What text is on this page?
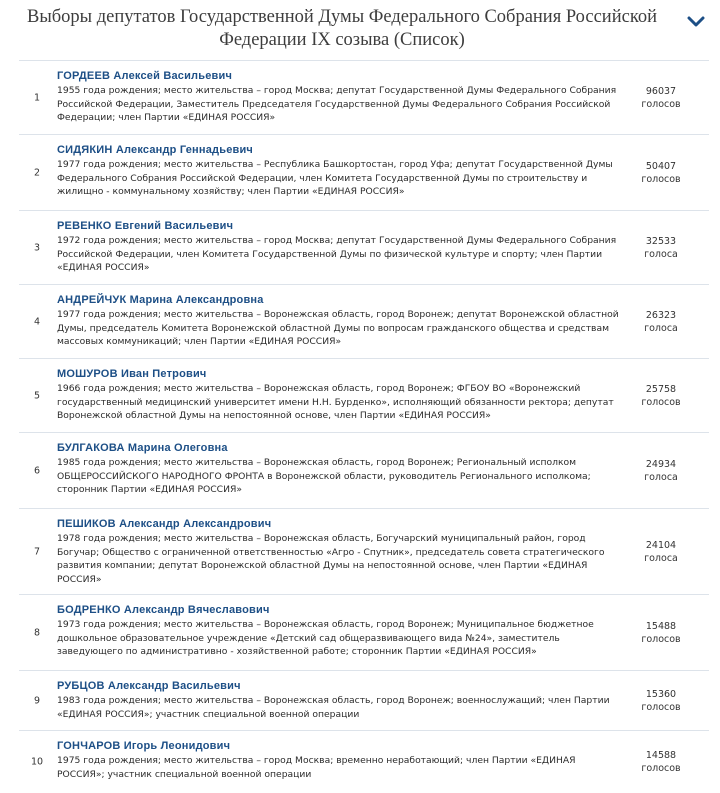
Выборы депутатов Государственной Думы Федерального Собрания Российской Федерации IX созыва (Список)
1
ГОРДЕЕВ Алексей Васильевич
1955 года рождения; место жительства – город Москва; депутат Государственной Думы Федерального Собрания Российской Федерации, Заместитель Председателя Государственной Думы Федерального Собрания Российской Федерации; член Партии «ЕДИНАЯ РОССИЯ»
96037
голосов
2
СИДЯКИН Александр Геннадьевич
1977 года рождения; место жительства – Республика Башкортостан, город Уфа; депутат Государственной Думы Федерального Собрания Российской Федерации, член Комитета Государственной Думы по строительству и жилищно - коммунальному хозяйству; член Партии «ЕДИНАЯ РОССИЯ»
50407
голосов
3
РЕВЕНКО Евгений Васильевич
1972 года рождения; место жительства – город Москва; депутат Государственной Думы Федерального Собрания Российской Федерации, член Комитета Государственной Думы по физической культуре и спорту; член Партии «ЕДИНАЯ РОССИЯ»
32533
голоса
4
АНДРЕЙЧУК Марина Александровна
1977 года рождения; место жительства – Воронежская область, город Воронеж; депутат Воронежской областной Думы, председатель Комитета Воронежской областной Думы по вопросам гражданского общества и средствам массовых коммуникаций; член Партии «ЕДИНАЯ РОССИЯ»
26323
голоса
5
МОШУРОВ Иван Петрович
1966 года рождения; место жительства – Воронежская область, город Воронеж; ФГБОУ ВО «Воронежский государственный медицинский университет имени Н.Н. Бурденко», исполняющий обязанности ректора; депутат Воронежской областной Думы на непостоянной основе, член Партии «ЕДИНАЯ РОССИЯ»
25758
голосов
6
БУЛГАКОВА Марина Олеговна
1985 года рождения; место жительства – Воронежская область, город Воронеж; Региональный исполком ОБЩЕРОССИЙСКОГО НАРОДНОГО ФРОНТА в Воронежской области, руководитель Регионального исполкома; сторонник Партии «ЕДИНАЯ РОССИЯ»
24934
голоса
7
ПЕШИКОВ Александр Александрович
1978 года рождения; место жительства – Воронежская область, Богучарский муниципальный район, город Богучар; Общество с ограниченной ответственностью «Агро - Спутник», председатель совета стратегического развития компании; депутат Воронежской областной Думы на непостоянной основе, член Партии «ЕДИНАЯ РОССИЯ»
24104
голоса
8
БОДРЕНКО Александр Вячеславович
1973 года рождения; место жительства – Воронежская область, город Воронеж; Муниципальное бюджетное дошкольное образовательное учреждение «Детский сад общеразвивающего вида №24», заместитель заведующего по административно - хозяйственной работе; сторонник Партии «ЕДИНАЯ РОССИЯ»
15488
голосов
9
РУБЦОВ Александр Васильевич
1983 года рождения; место жительства – Воронежская область, город Воронеж; военнослужащий; член Партии «ЕДИНАЯ РОССИЯ»; участник специальной военной операции
15360
голосов
10
ГОНЧАРОВ Игорь Леонидович
1975 года рождения; место жительства – город Москва; временно неработающий; член Партии «ЕДИНАЯ РОССИЯ»; участник специальной военной операции
14588
голосов
